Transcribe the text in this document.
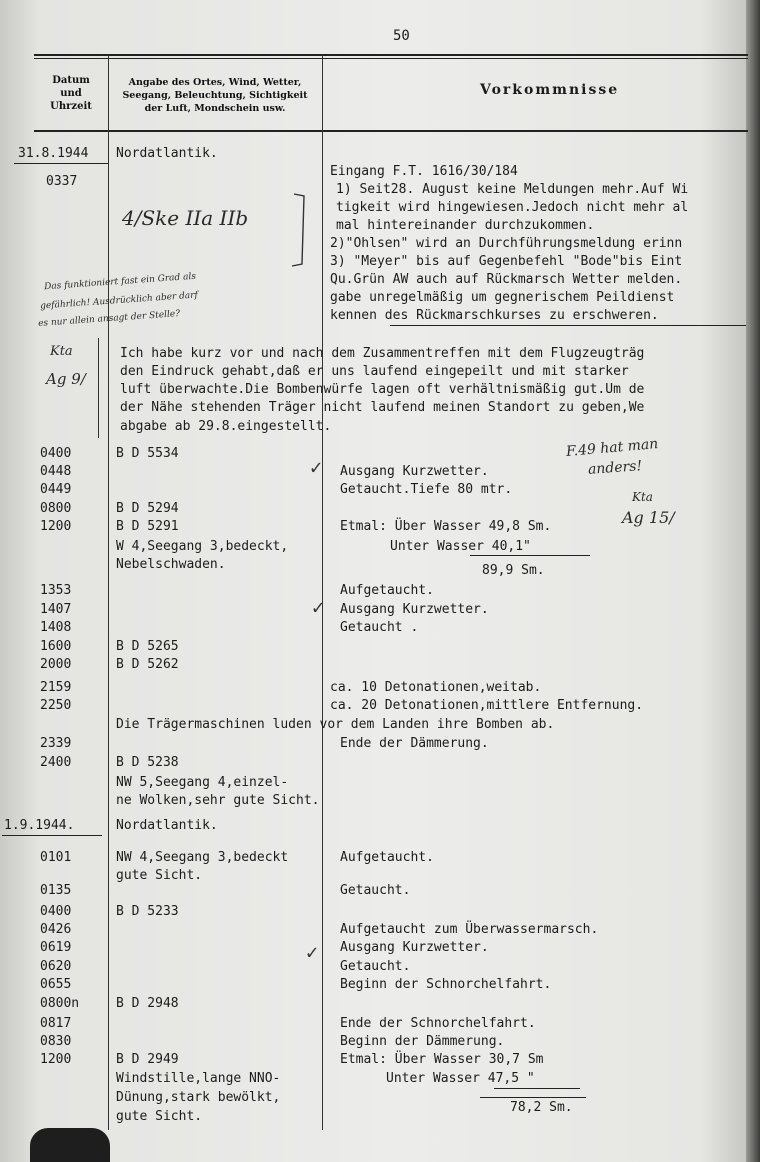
50
Datum
und
Uhrzeit
Angabe des Ortes, Wind, Wetter,
Seegang, Beleuchtung, Sichtigkeit
der Luft, Mondschein usw.
Vorkommnisse
31.8.1944
1.9.1944.
0337
0400
0448
0449
0800
1200
1353
1407
1408
1600
2000
2159
2250
2339
2400
0101
0135
0400
0426
0619
0620
0655
0800n
0817
0830
1200
Nordatlantik.
B D 5534
B D 5294
B D 5291
W 4,Seegang 3,bedeckt,
Nebelschwaden.
B D 5265
B D 5262
B D 5238
NW 5,Seegang 4,einzel-
ne Wolken,sehr gute Sicht.
Nordatlantik.
NW 4,Seegang 3,bedeckt
gute Sicht.
B D 5233
B D 2948
B D 2949
Windstille,lange NNO-
Dünung,stark bewölkt,
gute Sicht.
Eingang F.T. 1616/30/184
1) Seit28. August keine Meldungen mehr.Auf Wi
tigkeit wird hingewiesen.Jedoch nicht mehr al
mal hintereinander durchzukommen.
2)"Ohlsen" wird an Durchführungsmeldung erinn
3) "Meyer" bis auf Gegenbefehl "Bode"bis Eint
Qu.Grün AW auch auf Rückmarsch Wetter melden.
gabe unregelmäßig um gegnerischem Peildienst
kennen des Rückmarschkurses zu erschweren.
Ausgang Kurzwetter.
Getaucht.Tiefe 80 mtr.
Etmal: Über Wasser 49,8 Sm.
Unter Wasser 40,1"
89,9 Sm.
Aufgetaucht.
Ausgang Kurzwetter.
Getaucht .
ca. 10 Detonationen,weitab.
ca. 20 Detonationen,mittlere Entfernung.
Ende der Dämmerung.
Aufgetaucht.
Getaucht.
Aufgetaucht zum Überwassermarsch.
Ausgang Kurzwetter.
Getaucht.
Beginn der Schnorchelfahrt.
Ende der Schnorchelfahrt.
Beginn der Dämmerung.
Etmal: Über Wasser 30,7 Sm
Unter Wasser 47,5 "
78,2 Sm.
Ich habe kurz vor und nach dem Zusammentreffen mit dem Flugzeugträg
den Eindruck gehabt,daß er uns laufend eingepeilt und mit starker
luft überwachte.Die Bombenwürfe lagen oft verhältnismäßig gut.Um de
der Nähe stehenden Träger nicht laufend meinen Standort zu geben,We
abgabe ab 29.8.eingestellt.
Die Trägermaschinen luden vor dem Landen ihre Bomben ab.
4/Ske IIa IIb
Das funktioniert fast ein Grad als
gefährlich! Ausdrücklich aber darf
es nur allein ansagt der Stelle?
Kta
Ag 9/
F.49 hat man
anders!
Kta
Ag 15/
✓
✓
✓
